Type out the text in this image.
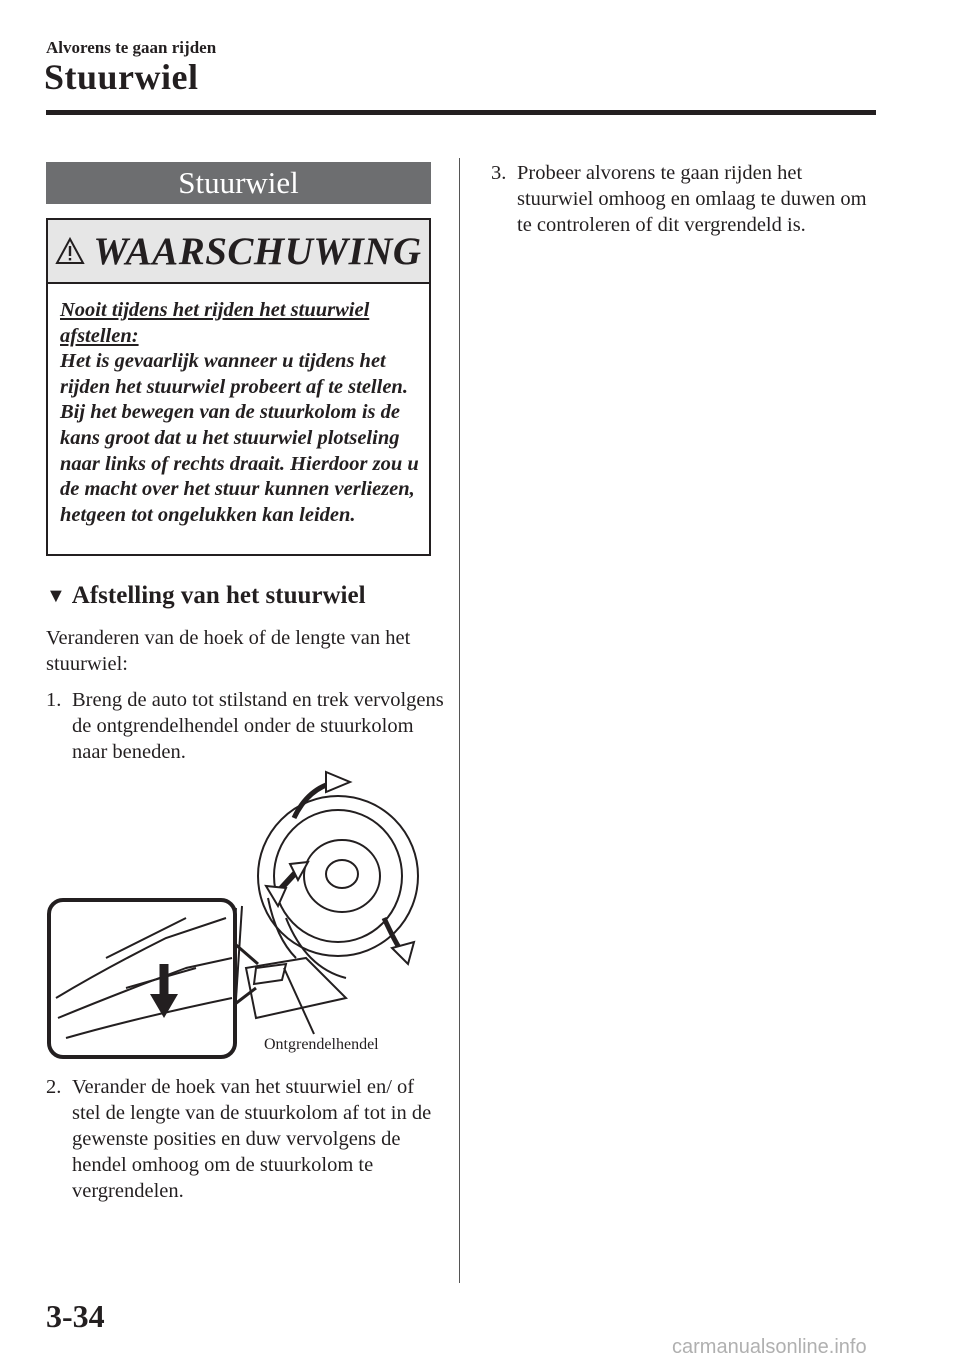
Alvorens te gaan rijden
Stuurwiel
Stuurwiel
WAARSCHUWING
Nooit tijdens het rijden het stuurwiel afstellen:
Het is gevaarlijk wanneer u tijdens het rijden het stuurwiel probeert af te stellen. Bij het bewegen van de stuurkolom is de kans groot dat u het stuurwiel plotseling naar links of rechts draait. Hierdoor zou u de macht over het stuur kunnen verliezen, hetgeen tot ongelukken kan leiden.
▼ Afstelling van het stuurwiel
Veranderen van de hoek of de lengte van het stuurwiel:
1. Breng de auto tot stilstand en trek vervolgens de ontgrendelhendel onder de stuurkolom naar beneden.
Ontgrendelhendel
2. Verander de hoek van het stuurwiel en/ of stel de lengte van de stuurkolom af tot in de gewenste posities en duw vervolgens de hendel omhoog om de stuurkolom te vergrendelen.
3. Probeer alvorens te gaan rijden het stuurwiel omhoog en omlaag te duwen om te controleren of dit vergrendeld is.
3-34
carmanualsonline.info
